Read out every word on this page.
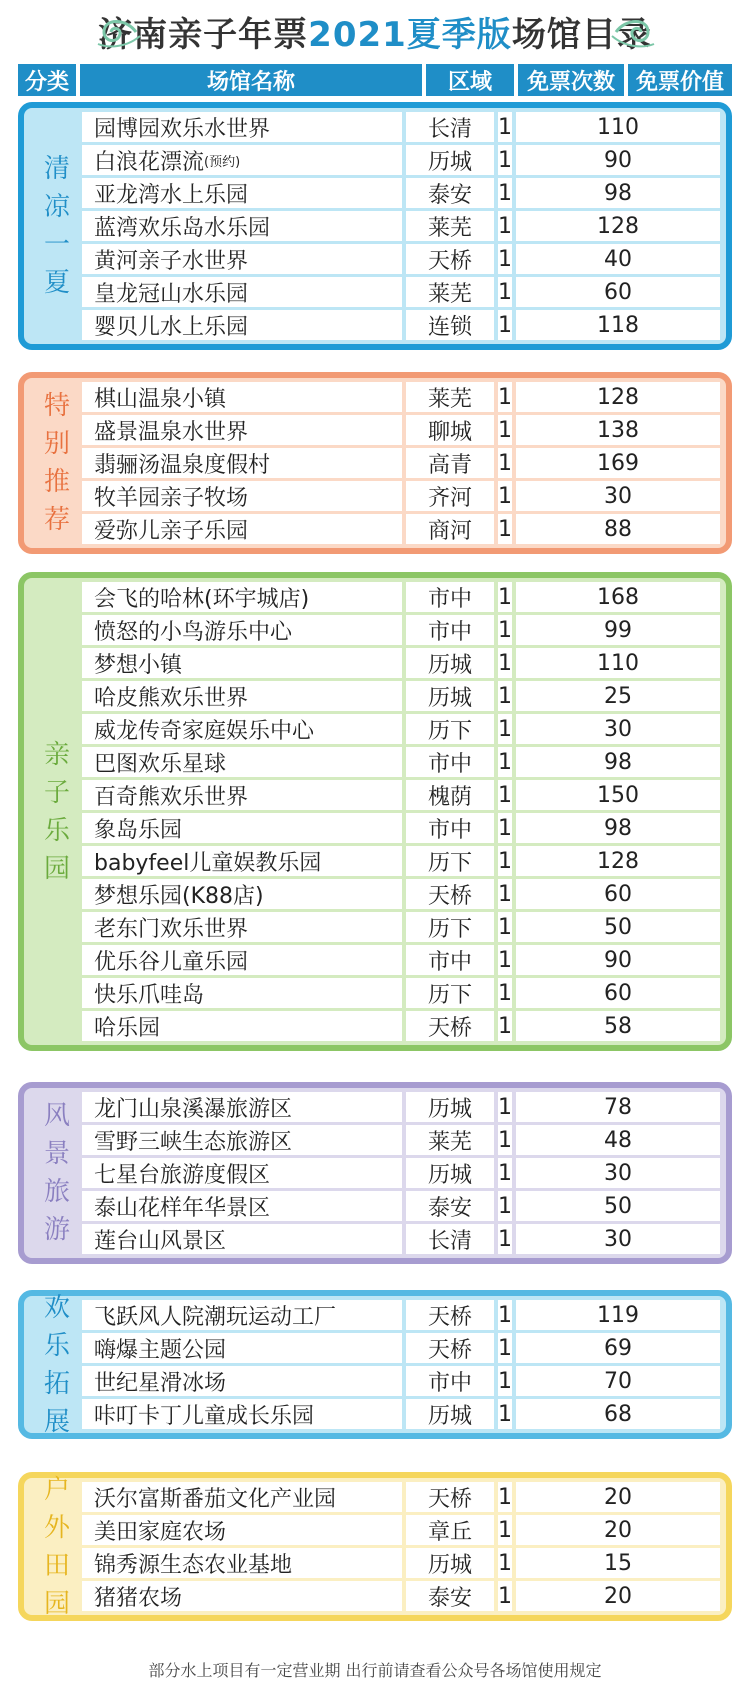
济南亲子年票2021夏季版场馆目录
分类	场馆名称	区域	免票次数 免票价值
清
凉
一
夏
园博园欢乐水世界	长清	1	110
白浪花漂流 (预约)	历城	1	90
亚龙湾水上乐园	泰安	1	98
蓝湾欢乐岛水乐园	莱芜	1	128
黄河亲子水世界	天桥	1	40
皇龙冠山水乐园	莱芜	1	60
婴贝儿水上乐园	连锁	1	118
特
别
推
荐
棋山温泉小镇	莱芜	1	128
盛景温泉水世界	聊城	1	138
翡骊汤温泉度假村	高青	1	169
牧羊园亲子牧场	齐河	1	30
爱弥儿亲子乐园	商河	1	88
亲
子
乐
园
会飞的哈林(环宇城店)	市中	1	168
愤怒的小鸟游乐中心	市中	1	99
梦想小镇	历城	1	110
哈皮熊欢乐世界	历城	1	25
威龙传奇家庭娱乐中心	历下	1	30
巴图欢乐星球	市中	1	98
百奇熊欢乐世界	槐荫	1	150
象岛乐园	市中	1	98
babyfeel儿童娱教乐园	历下	1	128
梦想乐园(K88店)	天桥	1	60
老东门欢乐世界	历下	1	50
优乐谷儿童乐园	市中	1	90
快乐爪哇岛	历下	1	60
哈乐园	天桥	1	58
风
景
旅
游
龙门山泉溪瀑旅游区	历城	1	78
雪野三峡生态旅游区	莱芜	1	48
七星台旅游度假区	历城	1	30
泰山花样年华景区	泰安	1	50
莲台山风景区	长清	1	30
欢
乐
拓
展
飞跃风人院潮玩运动工厂	天桥	1	119
嗨爆主题公园	天桥	1	69
世纪星滑冰场	市中	1	70
咔叮卡丁儿童成长乐园	历城	1	68
户
外
田
园
沃尔富斯番茄文化产业园	天桥	1	20
美田家庭农场	章丘	1	20
锦秀源生态农业基地	历城	1	15
猪猪农场	泰安	1	20
部分水上项目有一定营业期 出行前请查看公众号各场馆使用规定
